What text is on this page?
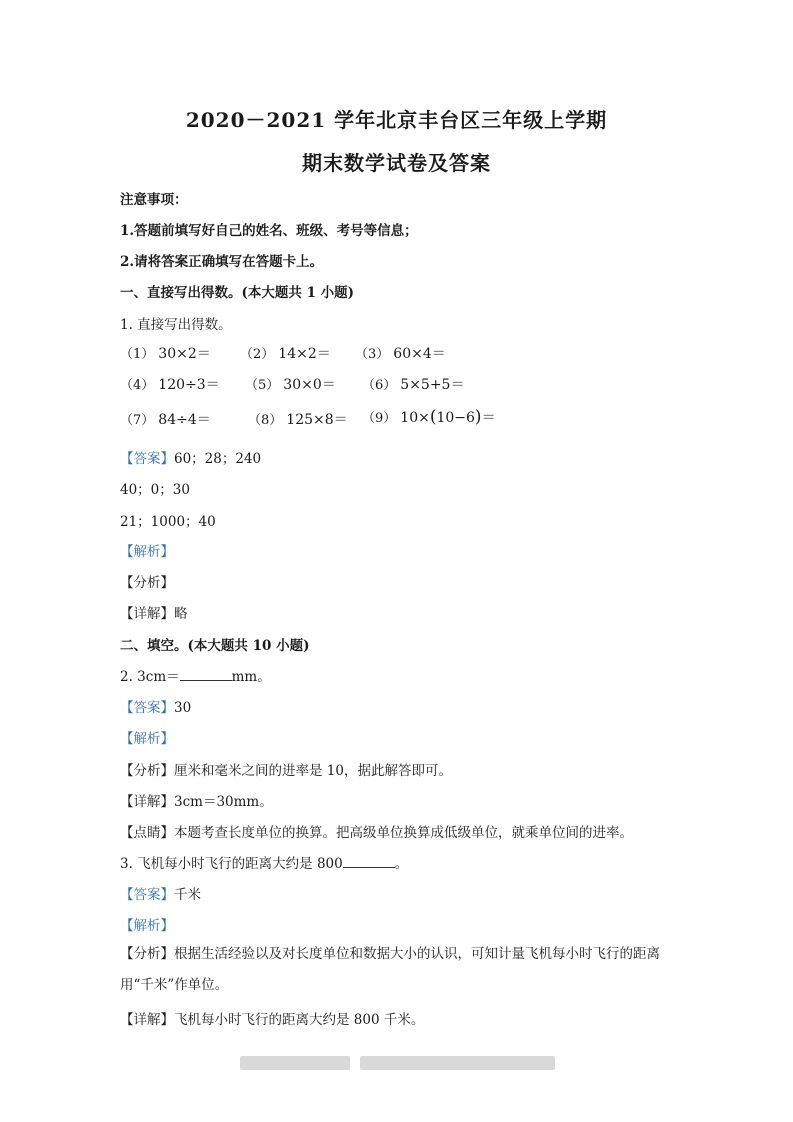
2020－2021 学年北京丰台区三年级上学期
期末数学试卷及答案
注意事项：
1.答题前填写好自己的姓名、班级、考号等信息；
2.请将答案正确填写在答题卡上。
一、直接写出得数。(本大题共 1 小题)
1. 直接写出得数。
（1） 30×2＝ （2） 14×2＝ （3） 60×4＝
（4） 120÷3＝ （5） 30×0＝ （6） 5×5+5＝
（7） 84÷4＝	（8） 125×8＝ （9） 10×(10−6)＝
【答案】60；28；240
40；0；30
21；1000；40
【解析】
【分析】
【详解】略
二、填空。(本大题共 10 小题)
2. 3cm＝	mm。
【答案】30
【解析】
【分析】厘米和毫米之间的进率是 10，据此解答即可。
【详解】3cm＝30mm。
【点睛】本题考查长度单位的换算。把高级单位换算成低级单位，就乘单位间的进率。
3. 飞机每小时飞行的距离大约是 800	。
【答案】千米
【解析】
【分析】根据生活经验以及对长度单位和数据大小的认识，可知计量飞机每小时飞行的距离用“千米”作单位。
【详解】飞机每小时飞行的距离大约是 800 千米。
